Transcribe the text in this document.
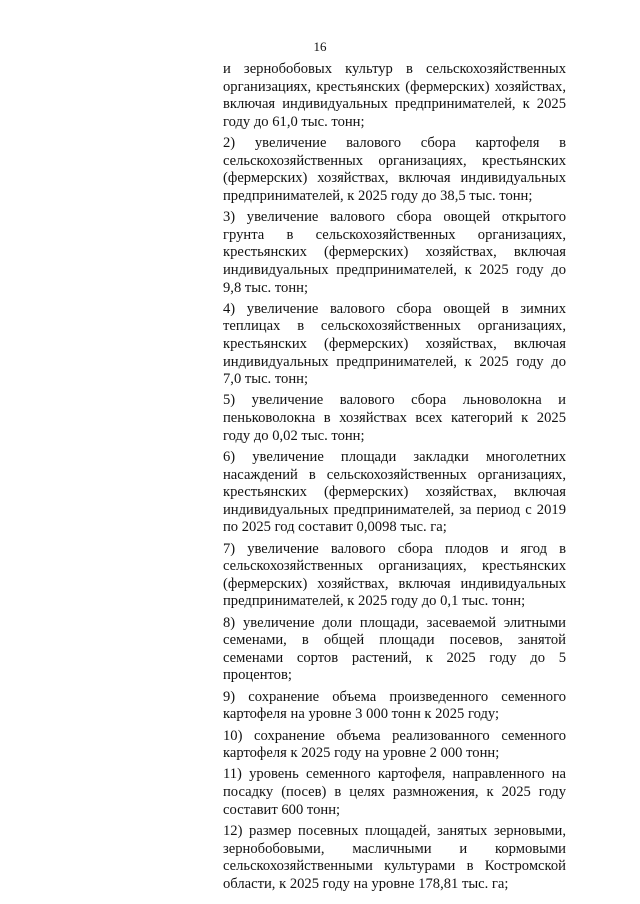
16

и зернобобовых культур в сельскохозяйственных организациях, крестьянских (фермерских) хозяйствах, включая индивидуальных предпринимателей, к 2025 году до 61,0 тыс. тонн;

2) увеличение валового сбора картофеля в сельскохозяйственных организациях, крестьянских (фермерских) хозяйствах, включая индивидуальных предпринимателей, к 2025 году до 38,5 тыс. тонн;

3) увеличение валового сбора овощей открытого грунта в сельскохозяйственных организациях, крестьянских (фермерских) хозяйствах, включая индивидуальных предпринимателей, к 2025 году до 9,8 тыс. тонн;

4) увеличение валового сбора овощей в зимних теплицах в сельскохозяйственных организациях, крестьянских (фермерских) хозяйствах, включая индивидуальных предпринимателей, к 2025 году до 7,0 тыс. тонн;

5) увеличение валового сбора льноволокна и пеньковолокна в хозяйствах всех категорий к 2025 году до 0,02 тыс. тонн;

6) увеличение площади закладки многолетних насаждений в сельскохозяйственных организациях, крестьянских (фермерских) хозяйствах, включая индивидуальных предпринимателей, за период с 2019 по 2025 год составит 0,0098 тыс. га;

7) увеличение валового сбора плодов и ягод в сельскохозяйственных организациях, крестьянских (фермерских) хозяйствах, включая индивидуальных предпринимателей, к 2025 году до 0,1 тыс. тонн;

8) увеличение доли площади, засеваемой элитными семенами, в общей площади посевов, занятой семенами сортов растений, к 2025 году до 5 процентов;

9) сохранение объема произведенного семенного картофеля на уровне 3 000 тонн к 2025 году;

10) сохранение объема реализованного семенного картофеля к 2025 году на уровне 2 000 тонн;

11) уровень семенного картофеля, направленного на посадку (посев) в целях размножения, к 2025 году составит 600 тонн;

12) размер посевных площадей, занятых зерновыми, зернобобовыми, масличными и кормовыми сельскохозяйственными культурами в Костромской области, к 2025 году на уровне 178,81 тыс. га;
